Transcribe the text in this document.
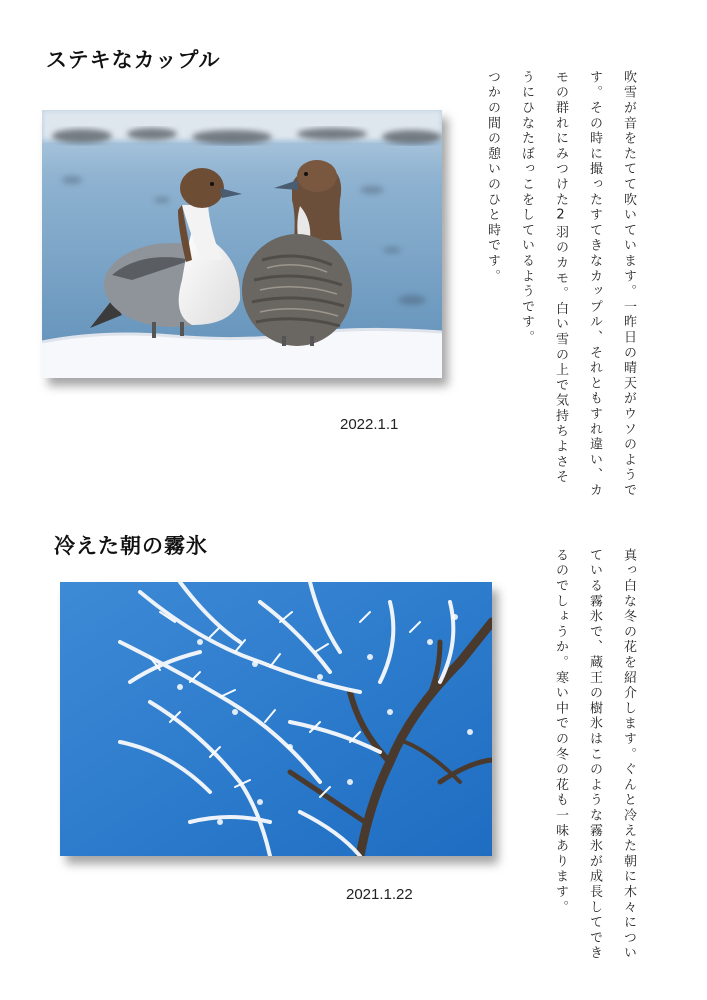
ステキなカップル

吹雪が音をたてて吹いています。一昨日の晴天がウソのようです。その時に撮ったすてきなカップル、それともすれ違い、カモの群れにみつけた2羽のカモ。白い雪の上で気持ちよさそうにひなたぼっこをしているようです。

つかの間の憩いのひと時です。

2022.1.1
冷えた朝の霧氷

真っ白な冬の花を紹介します。ぐんと冷えた朝に木々についている霧氷で、蔵王の樹氷はこのような霧氷が成長してできるのでしょうか。寒い中での冬の花も一味あります。

2021.1.22
